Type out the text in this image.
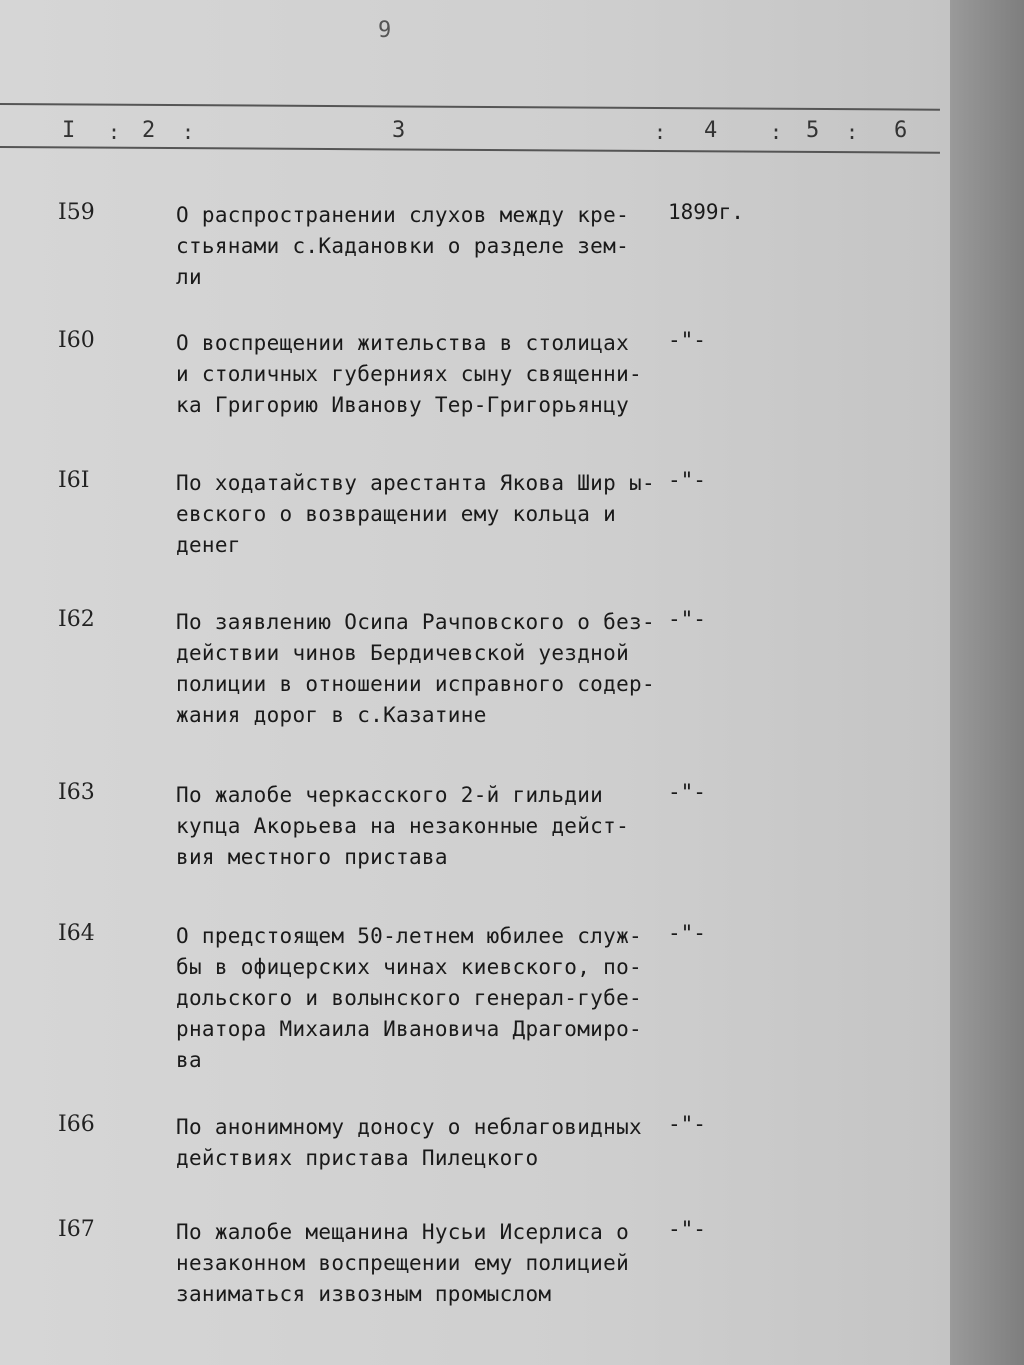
9
I : 2 :	3	: 4	: 5 : 6
I59	О распространении слухов между кре-
стьянами с.Кадановки о разделе зем-
ли
1899г.
I60	О воспрещении жительства в столицах
и столичных губерниях сыну священни-
ка Григорию Иванову Тер-Григорьянцу
-"-
I6I	По ходатайству арестанта Якова Шир ы-
евского о возвращении ему кольца и
денег
-"-
I62	По заявлению Осипа Рачповского о без-
действии чинов Бердичевской уездной
полиции в отношении исправного содер-
жания дорог в с.Казатине
-"-
I63	По жалобе черкасского 2-й гильдии
купца Акорьева на незаконные дейст-
вия местного пристава
-"-
I64	О предстоящем 50-летнем юбилее служ-
бы в офицерских чинах киевского, по-
дольского и волынского генерал-губе-
рнатора Михаила Ивановича Драгомиро-
ва
-"-
I66	По анонимному доносу о неблаговидных
действиях пристава Пилецкого
-"-
I67	По жалобе мещанина Нусьи Исерлиса о
незаконном воспрещении ему полицией
заниматься извозным промыслом
-"-
